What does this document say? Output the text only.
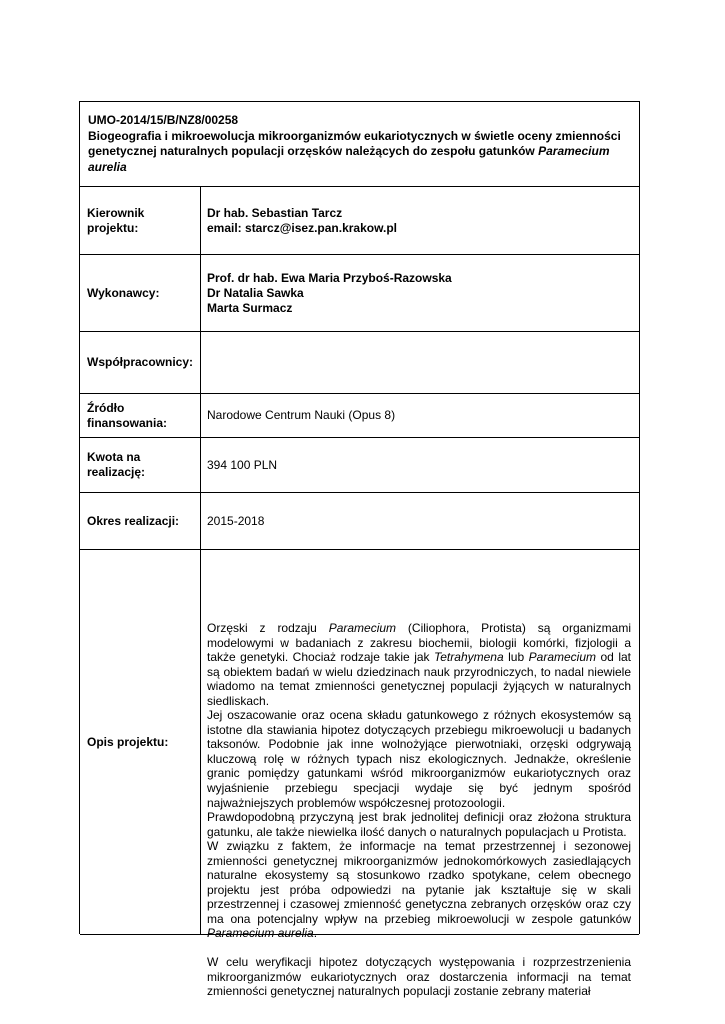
UMO-2014/15/B/NZ8/00258
Biogeografia i mikroewolucja mikroorganizmów eukariotycznych w świetle oceny zmienności genetycznej naturalnych populacji orzęsków należących do zespołu gatunków Paramecium aurelia
Kierownik projektu:
Dr hab. Sebastian Tarcz
email: starcz@isez.pan.krakow.pl
Wykonawcy:
Prof. dr hab. Ewa Maria Przyboś-Razowska
Dr Natalia Sawka
Marta Surmacz
Współpracownicy:
Źródło finansowania:
Narodowe Centrum Nauki (Opus 8)
Kwota na realizację:
394 100 PLN
Okres realizacji:	2015-2018
Opis projektu:

Orzęski z rodzaju Paramecium (Ciliophora, Protista) są organizmami modelowymi w badaniach z zakresu biochemii, biologii komórki, fizjologii a także genetyki. Chociaż rodzaje takie jak Tetrahymena lub Paramecium od lat są obiektem badań w wielu dziedzinach nauk przyrodniczych, to nadal niewiele wiadomo na temat zmienności genetycznej populacji żyjących w naturalnych siedliskach.

Jej oszacowanie oraz ocena składu gatunkowego z różnych ekosystemów są istotne dla stawiania hipotez dotyczących przebiegu mikroewolucji u badanych taksonów. Podobnie jak inne wolnożyjące pierwotniaki, orzęski odgrywają kluczową rolę w różnych typach nisz ekologicznych. Jednakże, określenie granic pomiędzy gatunkami wśród mikroorganizmów eukariotycznych oraz wyjaśnienie przebiegu specjacji wydaje się być jednym spośród najważniejszych problemów współczesnej protozoologii.

Prawdopodobną przyczyną jest brak jednolitej definicji oraz złożona struktura gatunku, ale także niewielka ilość danych o naturalnych populacjach u Protista.

W związku z faktem, że informacje na temat przestrzennej i sezonowej zmienności genetycznej mikroorganizmów jednokomórkowych zasiedlających naturalne ekosystemy są stosunkowo rzadko spotykane, celem obecnego projektu jest próba odpowiedzi na pytanie jak kształtuje się w skali przestrzennej i czasowej zmienność genetyczna zebranych orzęsków oraz czy ma ona potencjalny wpływ na przebieg mikroewolucji w zespole gatunków Paramecium aurelia.

W celu weryfikacji hipotez dotyczących występowania i rozprzestrzenienia mikroorganizmów eukariotycznych oraz dostarczenia informacji na temat zmienności genetycznej naturalnych populacji zostanie zebrany materiał
